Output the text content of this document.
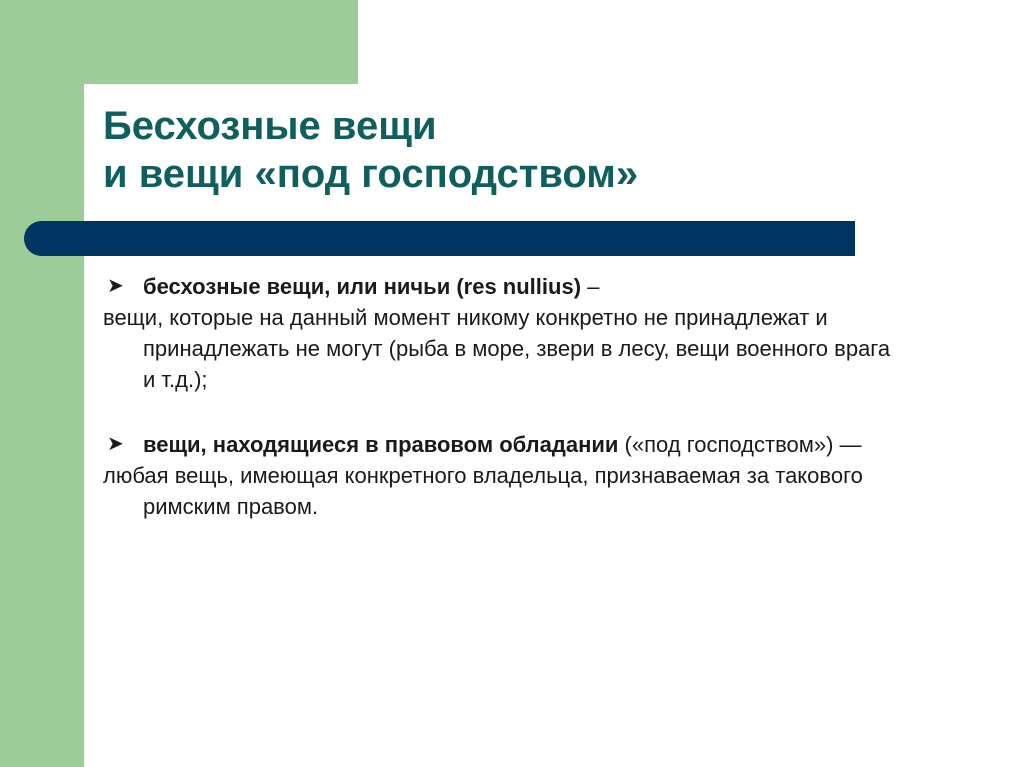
Бесхозные вещи
и вещи «под господством»
➤ бесхозные вещи, или ничьи (res nullius) –

вещи, которые на данный момент никому конкретно не принадлежат и принадлежать не могут (рыба в море, звери в лесу, вещи военного врага и т.д.);

➤ вещи, находящиеся в правовом обладании («под господством») —

любая вещь, имеющая конкретного владельца, признаваемая за такового римским правом.
